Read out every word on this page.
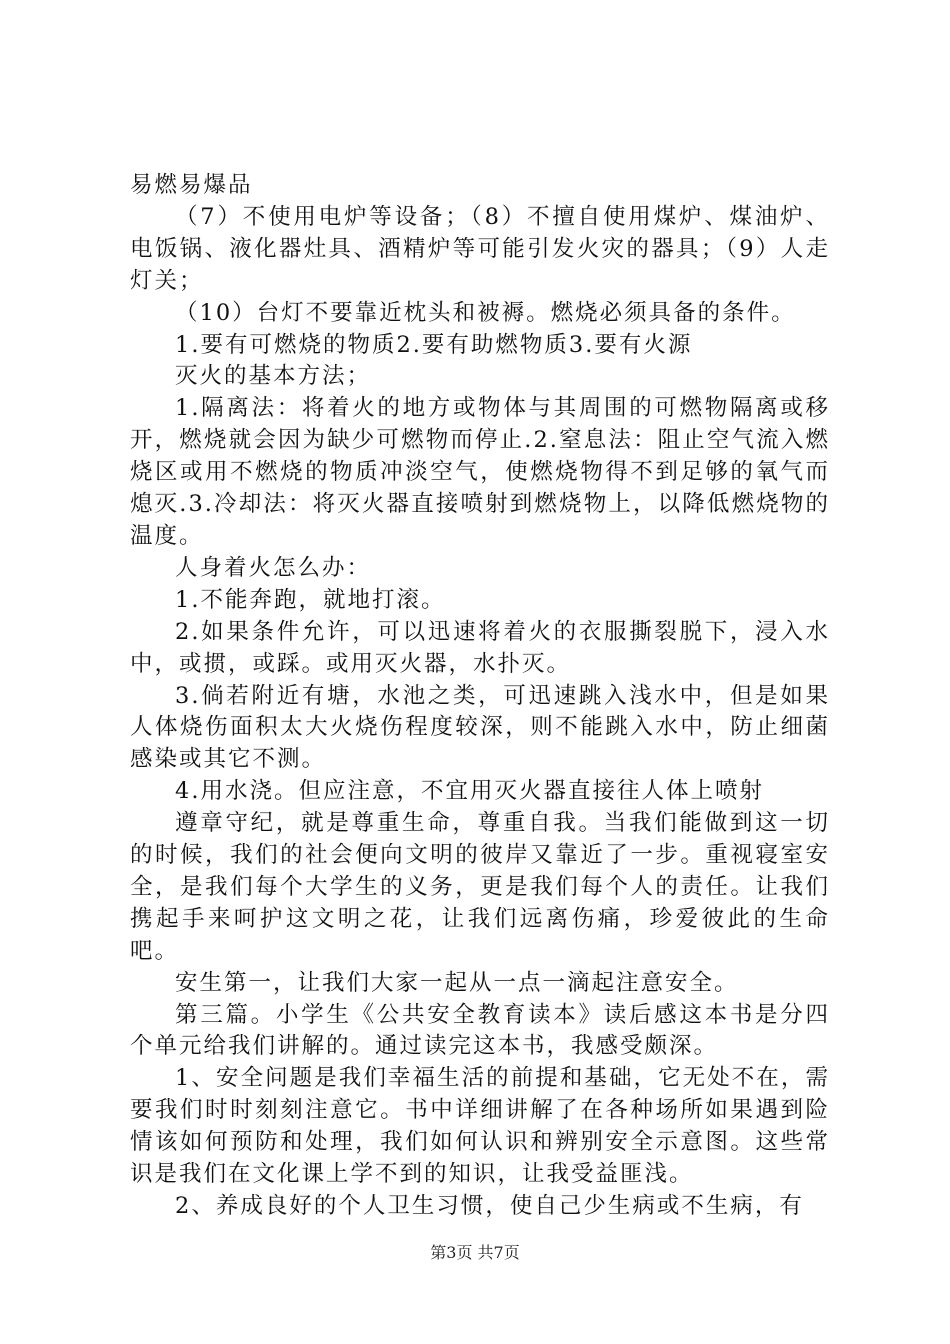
易燃易爆品

（7）不使用电炉等设备；（8）不擅自使用煤炉、煤油炉、电饭锅、液化器灶具、酒精炉等可能引发火灾的器具；（9）人走灯关；

（10）台灯不要靠近枕头和被褥。燃烧必须具备的条件。

1.要有可燃烧的物质2.要有助燃物质3.要有火源

灭火的基本方法；

1.隔离法：将着火的地方或物体与其周围的可燃物隔离或移开，燃烧就会因为缺少可燃物而停止.2.窒息法：阻止空气流入燃烧区或用不燃烧的物质冲淡空气，使燃烧物得不到足够的氧气而熄灭.3.冷却法：将灭火器直接喷射到燃烧物上，以降低燃烧物的温度。

人身着火怎么办：

1.不能奔跑，就地打滚。

2.如果条件允许，可以迅速将着火的衣服撕裂脱下，浸入水中，或掼，或踩。或用灭火器，水扑灭。

3.倘若附近有塘，水池之类，可迅速跳入浅水中，但是如果人体烧伤面积太大火烧伤程度较深，则不能跳入水中，防止细菌感染或其它不测。

4.用水浇。但应注意，不宜用灭火器直接往人体上喷射

遵章守纪，就是尊重生命，尊重自我。当我们能做到这一切的时候，我们的社会便向文明的彼岸又靠近了一步。重视寝室安全，是我们每个大学生的义务，更是我们每个人的责任。让我们携起手来呵护这文明之花，让我们远离伤痛，珍爱彼此的生命吧。

安生第一，让我们大家一起从一点一滴起注意安全。

第三篇。小学生《公共安全教育读本》读后感这本书是分四个单元给我们讲解的。通过读完这本书，我感受颇深。

1、安全问题是我们幸福生活的前提和基础，它无处不在，需要我们时时刻刻注意它。书中详细讲解了在各种场所如果遇到险情该如何预防和处理，我们如何认识和辨别安全示意图。这些常识是我们在文化课上学不到的知识，让我受益匪浅。

2、养成良好的个人卫生习惯，使自己少生病或不生病，有

第3页 共7页
